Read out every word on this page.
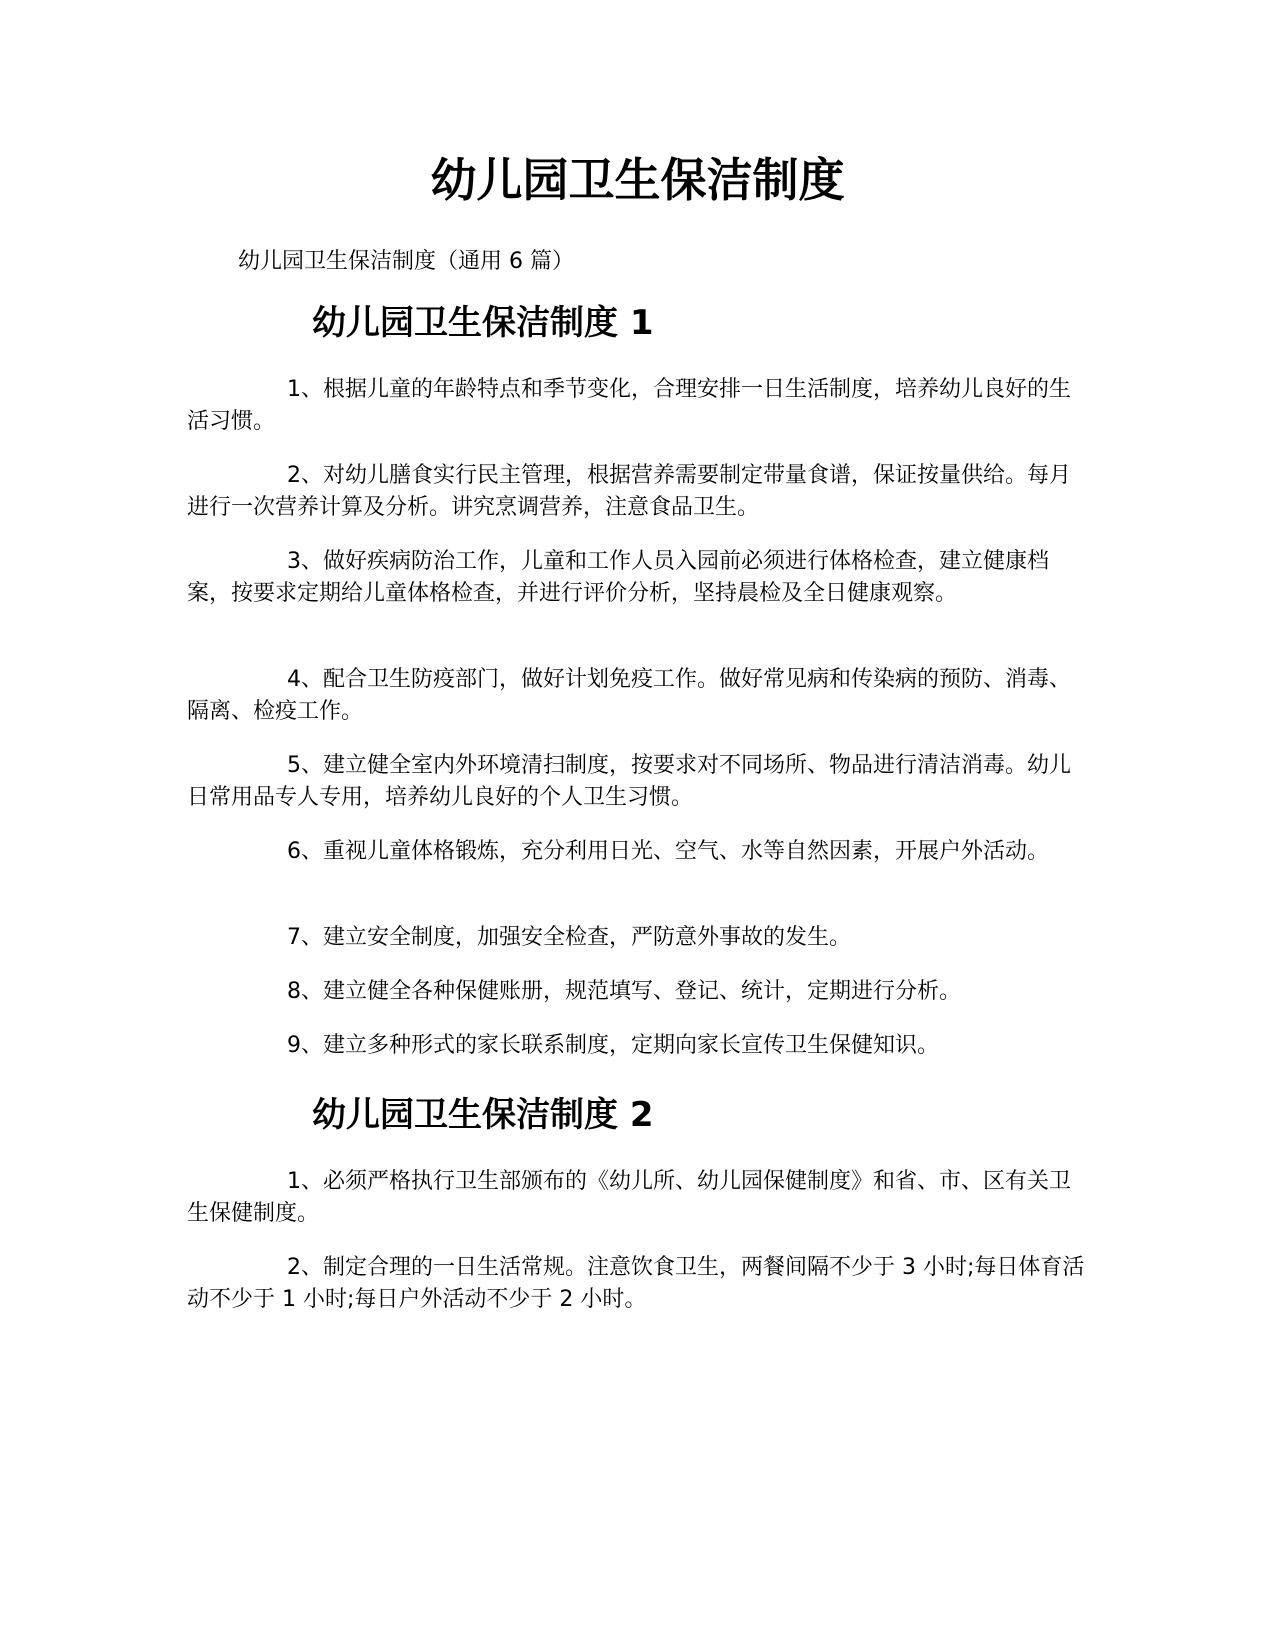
幼儿园卫生保洁制度

幼儿园卫生保洁制度（通用 6 篇）

幼儿园卫生保洁制度 1

1、根据儿童的年龄特点和季节变化，合理安排一日生活制度，培养幼儿良好的生活习惯。

2、对幼儿膳食实行民主管理，根据营养需要制定带量食谱，保证按量供给。每月进行一次营养计算及分析。讲究烹调营养，注意食品卫生。

3、做好疾病防治工作，儿童和工作人员入园前必须进行体格检查，建立健康档案，按要求定期给儿童体格检查，并进行评价分析，坚持晨检及全日健康观察。

4、配合卫生防疫部门，做好计划免疫工作。做好常见病和传染病的预防、消毒、隔离、检疫工作。

5、建立健全室内外环境清扫制度，按要求对不同场所、物品进行清洁消毒。幼儿日常用品专人专用，培养幼儿良好的个人卫生习惯。

6、重视儿童体格锻炼，充分利用日光、空气、水等自然因素，开展户外活动。

7、建立安全制度，加强安全检查，严防意外事故的发生。

8、建立健全各种保健账册，规范填写、登记、统计，定期进行分析。

9、建立多种形式的家长联系制度，定期向家长宣传卫生保健知识。

幼儿园卫生保洁制度 2

1、必须严格执行卫生部颁布的《幼儿所、幼儿园保健制度》和省、市、区有关卫生保健制度。

2、制定合理的一日生活常规。注意饮食卫生，两餐间隔不少于 3 小时;每日体育活动不少于 1 小时;每日户外活动不少于 2 小时。
